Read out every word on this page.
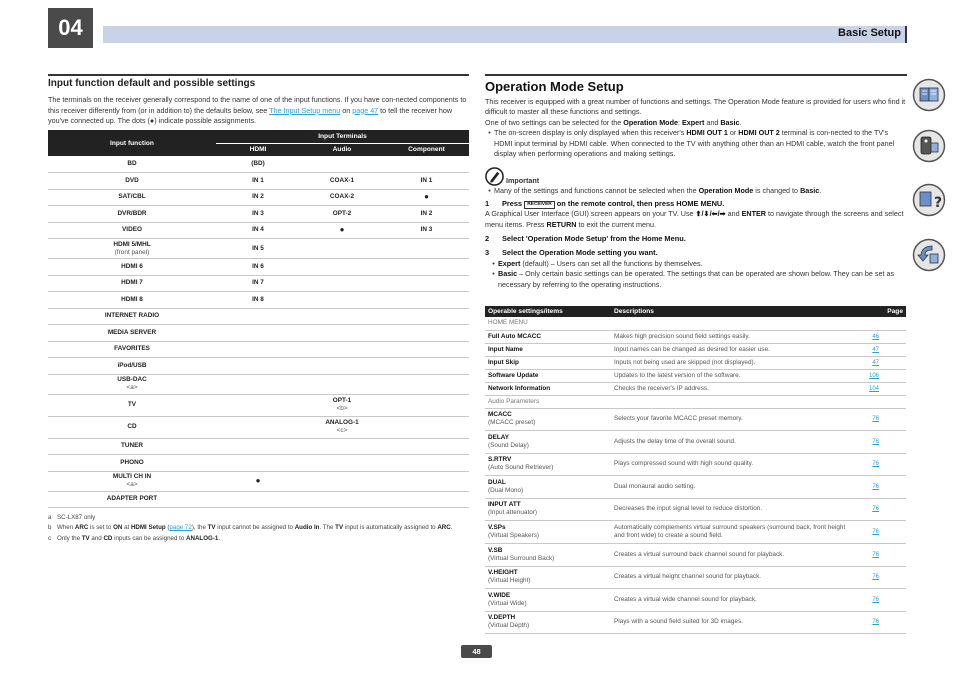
04	Basic Setup
Input function default and possible settings
The terminals on the receiver generally correspond to the name of one of the input functions. If you have con-nected components to this receiver differently from (or in addition to) the defaults below, see The Input Setup menu on page 47 to tell the receiver how you've connected up. The dots (●) indicate possible assignments.
Input function	Input Terminals		
	HDMI	Audio	Component
BD	(BD)		
DVD	IN 1	COAX-1	IN 1
SAT/CBL	IN 2	COAX-2	●
DVR/BDR	IN 3	OPT-2	IN 2
VIDEO	IN 4	●	IN 3
HDMI 5/MHL
(front panel)	IN 5		
HDMI 6	IN 6		
HDMI 7	IN 7		
HDMI 8	IN 8		
INTERNET RADIO			
MEDIA SERVER			
FAVORITES			
iPod/USB			
USB-DAC
<a>			

TV		OPT-1
<b>	

CD		ANALOG-1
<c>	

TUNER			
PHONO			
MULTI CH IN
<a>	●		
ADAPTER PORT			
a SC-LX87 only
b When ARC is set to ON at HDMI Setup (page 72), the TV input cannot be assigned to Audio In. The TV input is automatically assigned to ARC.
c Only the TV and CD inputs can be assigned to ANALOG-1.
Operation Mode Setup
This receiver is equipped with a great number of functions and settings. The Operation Mode feature is provided for users who find it difficult to master all these functions and settings.
One of two settings can be selected for the Operation Mode: Expert and Basic.
• The on-screen display is only displayed when this receiver's HDMI OUT 1 or HDMI OUT 2 terminal is con-nected to the TV's HDMI input terminal by HDMI cable. When connected to the TV with anything other than an HDMI cable, watch the front panel display when performing operations and making settings.
Important
• Many of the settings and functions cannot be selected when the Operation Mode is changed to Basic.
1 Press RECEIVER on the remote control, then press HOME MENU.
A Graphical User Interface (GUI) screen appears on your TV. Use ⬆/⬇/⬅/➡ and ENTER to navigate through the screens and select menu items. Press RETURN to exit the current menu.
2 Select 'Operation Mode Setup' from the Home Menu.
3 Select the Operation Mode setting you want.
• Expert (default) – Users can set all the functions by themselves.
• Basic – Only certain basic settings can be operated. The settings that can be operated are shown below. They can be set as necessary by referring to the operating instructions.
Operable settings/items	Descriptions	Page
HOME MENU		
Full Auto MCACC	Makes high precision sound field settings easily.	46
Input Name	Input names can be changed as desired for easier use.	47
Input Skip	Inputs not being used are skipped (not displayed).	47
Software Update	Updates to the latest version of the software.	106
Network Information	Checks the receiver's IP address.	104
Audio Parameters		
MCACC
(MCACC preset)	Selects your favorite MCACC preset memory.	76
DELAY
(Sound Delay)	Adjusts the delay time of the overall sound.	76
S.RTRV
(Auto Sound Retriever)	Plays compressed sound with high sound quality.	76
DUAL
(Dual Mono)	Dual monaural audio setting.	76
INPUT ATT
(Input attenuator)	Decreases the input signal level to reduce distortion.	76
V.SPs
(Virtual Speakers)	Automatically complements virtual surround speakers (surround back, front height and front wide) to create a sound field.	76
V.SB
(Virtual Surround Back)	Creates a virtual surround back channel sound for playback.	76
V.HEIGHT
(Virtual Height)	Creates a virtual height channel sound for playback.	76
V.WIDE
(Virtual Wide)	Creates a virtual wide channel sound for playback.	76
V.DEPTH
(Virtual Depth)	Plays with a sound field suited for 3D images.	76
?
48
